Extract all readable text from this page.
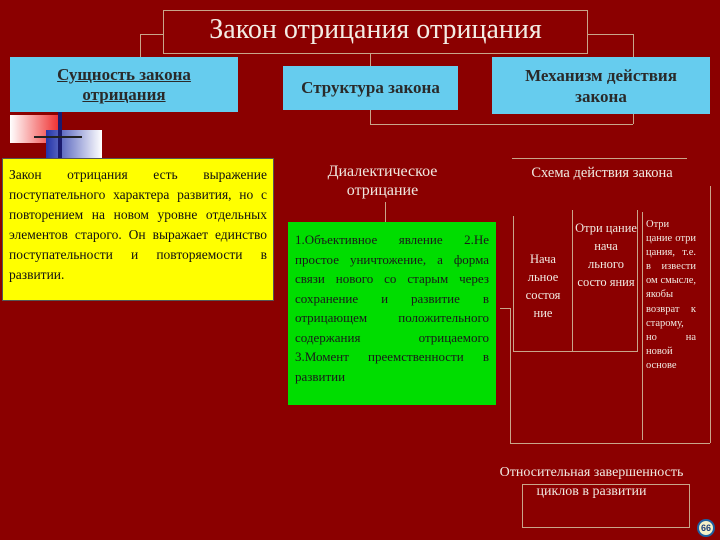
Закон отрицания отрицания
Сущность закона отрицания	Структура закона
Механизм действия закона
Закон отрицания есть выражение поступательного характера развития, но с повторением на новом уровне отдельных элементов старого. Он выражает единство поступательности и повторяемости в развитии.
Диалектическое отрицание
1.Объективное явление 2.Не простое уничтожение, а форма связи нового со старым через сохранение и развитие в отрицающем положительного содержания отрицаемого 3.Момент преемственности в развитии
Схема действия закона
Нача льное состоя ние
Отри цание нача льного состо яния
Отри цание отри цания, т.е. в извести ом смысле, якобы возврат к старому, но на новой основе
Относительная завершенность циклов в развитии
66
